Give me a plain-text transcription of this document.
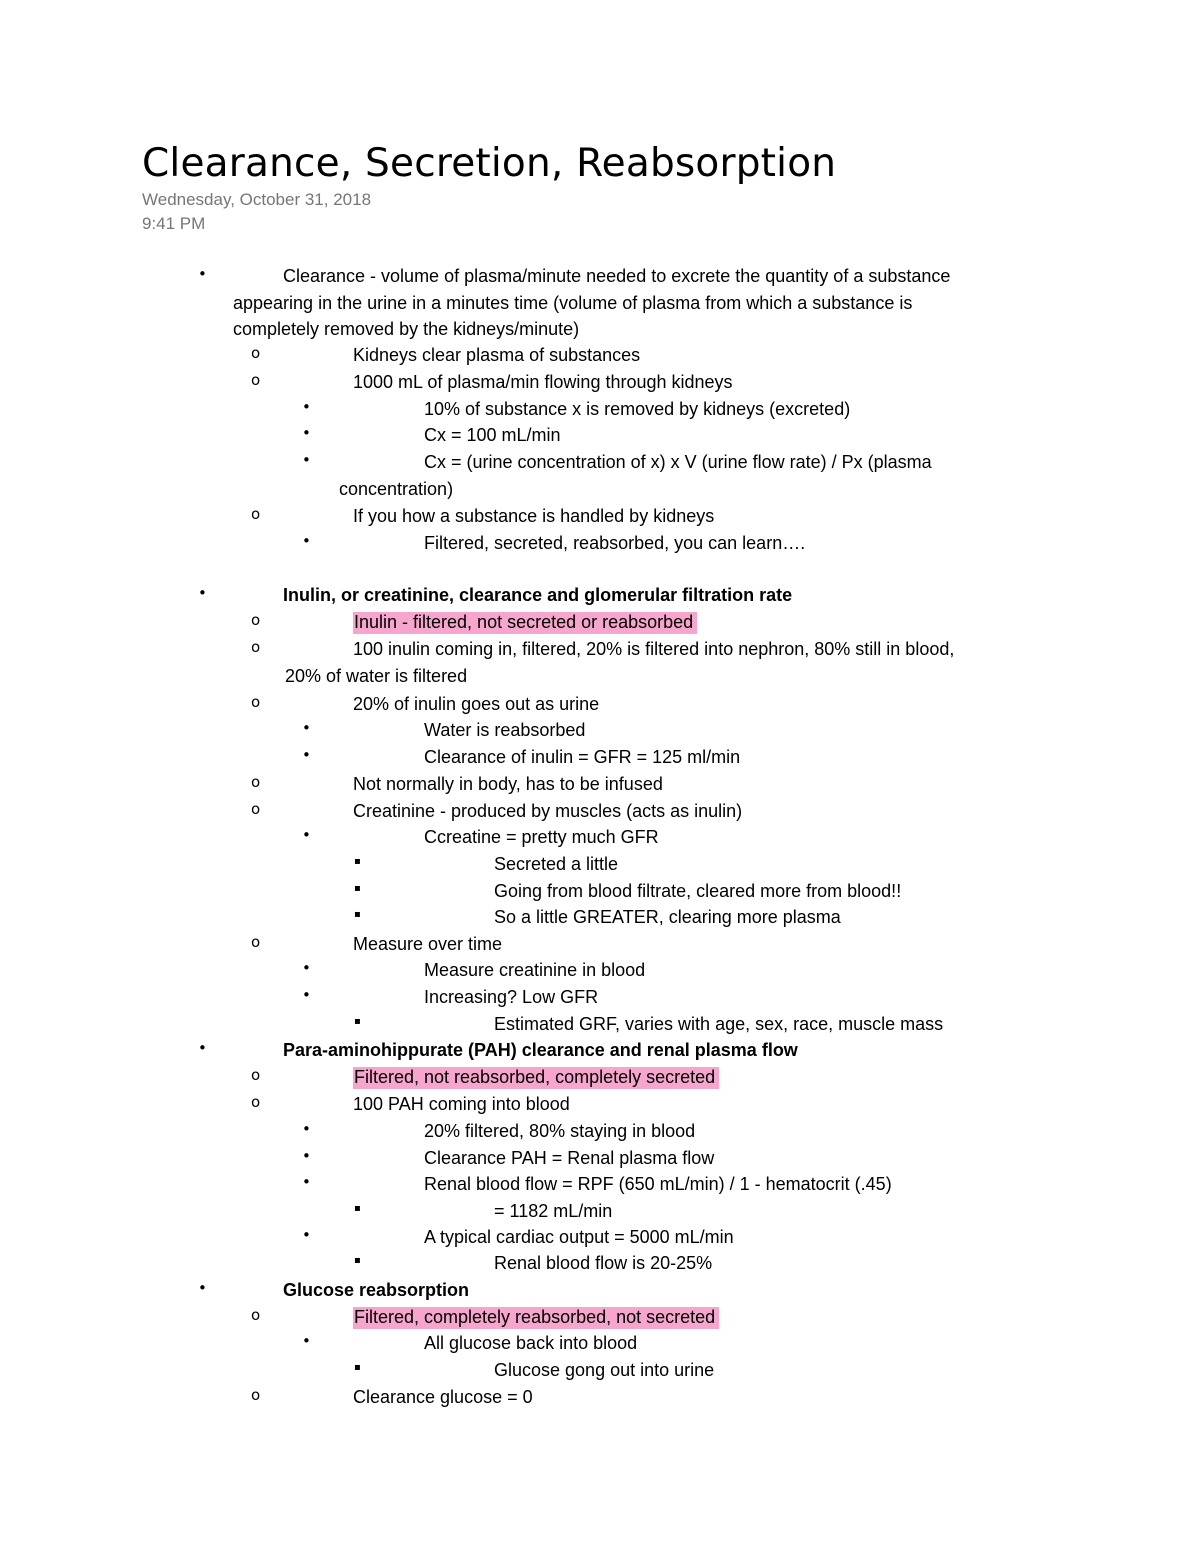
Clearance, Secretion, Reabsorption
Wednesday, October 31, 2018
9:41 PM
•	Clearance - volume of plasma/minute needed to excrete the quantity of a substance
appearing in the urine in a minutes time (volume of plasma from which a substance is
completely removed by the kidneys/minute)
o	Kidneys clear plasma of substances
o	1000 mL of plasma/min flowing through kidneys
•	10% of substance x is removed by kidneys (excreted)
•	Cx = 100 mL/min
•	Cx = (urine concentration of x) x V (urine flow rate) / Px (plasma
concentration)
o	If you how a substance is handled by kidneys
•	Filtered, secreted, reabsorbed, you can learn….
•	Inulin, or creatinine, clearance and glomerular filtration rate
o	Inulin - filtered, not secreted or reabsorbed
o	100 inulin coming in, filtered, 20% is filtered into nephron, 80% still in blood,
20% of water is filtered
o	20% of inulin goes out as urine
•	Water is reabsorbed
•	Clearance of inulin = GFR = 125 ml/min
o	Not normally in body, has to be infused
o	Creatinine - produced by muscles (acts as inulin)
•	Ccreatine = pretty much GFR
▪	Secreted a little
▪	Going from blood filtrate, cleared more from blood!!
▪	So a little GREATER, clearing more plasma
o	Measure over time
•	Measure creatinine in blood
•	Increasing? Low GFR
▪	Estimated GRF, varies with age, sex, race, muscle mass
•	Para-aminohippurate (PAH) clearance and renal plasma flow
o	Filtered, not reabsorbed, completely secreted
o	100 PAH coming into blood
•	20% filtered, 80% staying in blood
•	Clearance PAH = Renal plasma flow
•	Renal blood flow = RPF (650 mL/min) / 1 - hematocrit (.45)
▪	= 1182 mL/min
•	A typical cardiac output = 5000 mL/min
▪	Renal blood flow is 20-25%
•	Glucose reabsorption
o	Filtered, completely reabsorbed, not secreted
•	All glucose back into blood
▪	Glucose gong out into urine
o	Clearance glucose = 0
